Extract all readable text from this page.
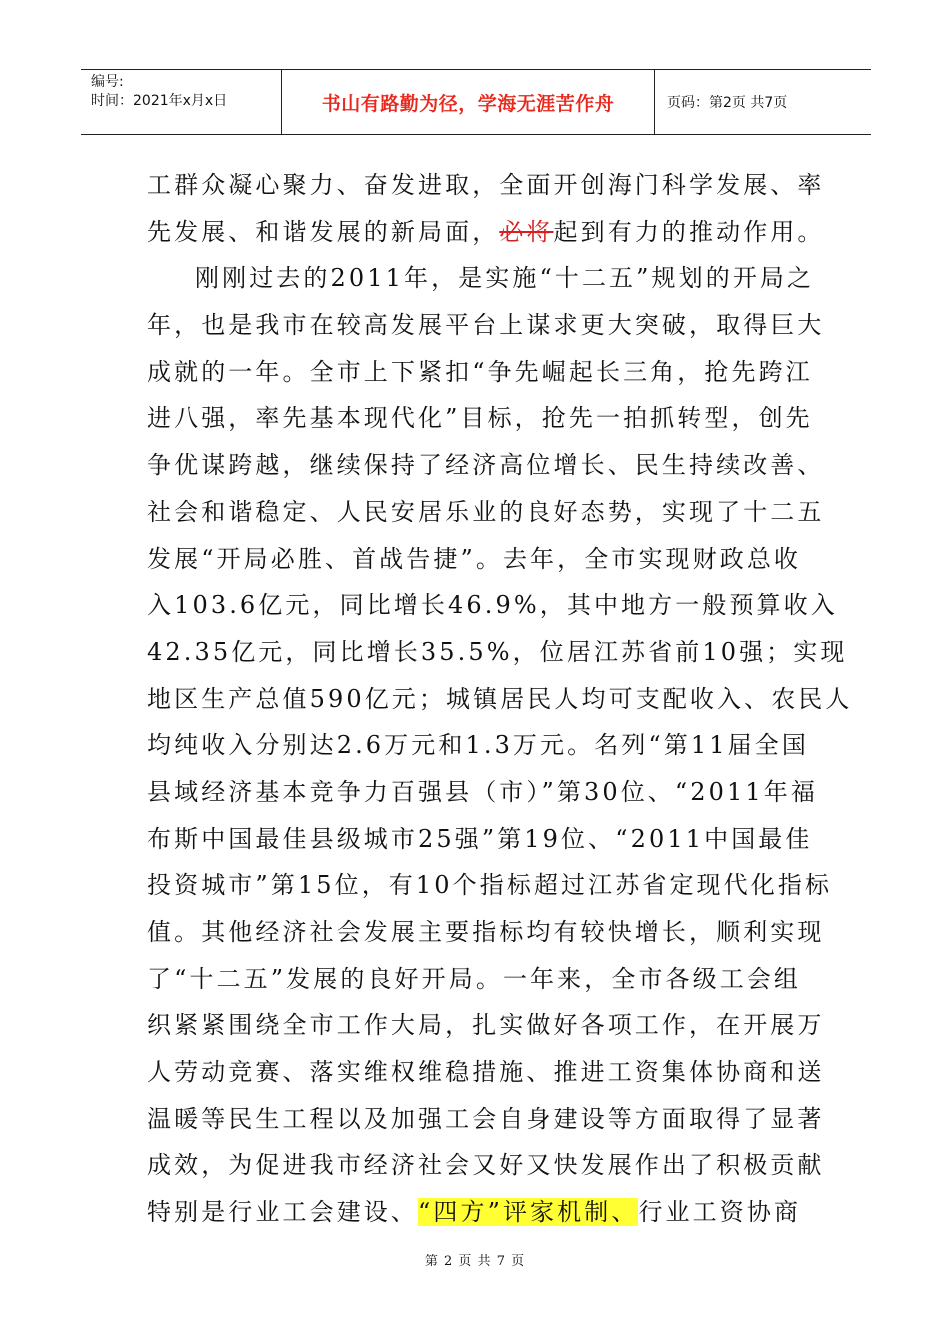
编号:
时间：2021年x月x日	书山有路勤为径，学海无涯苦作舟	页码：第2页 共7页
工群众凝心聚力、奋发进取，全面开创海门科学发展、率
先发展、和谐发展的新局面，必将起到有力的推动作用。
刚刚过去的2011年，是实施“十二五”规划的开局之
年，也是我市在较高发展平台上谋求更大突破，取得巨大
成就的一年。全市上下紧扣“争先崛起长三角，抢先跨江
进八强，率先基本现代化”目标，抢先一拍抓转型，创先
争优谋跨越，继续保持了经济高位增长、民生持续改善、
社会和谐稳定、人民安居乐业的良好态势，实现了十二五
发展“开局必胜、首战告捷”。去年，全市实现财政总收
入103.6亿元，同比增长46.9%，其中地方一般预算收入
42.35亿元，同比增长35.5%，位居江苏省前10强；实现
地区生产总值590亿元；城镇居民人均可支配收入、农民人
均纯收入分别达2.6万元和1.3万元。名列“第11届全国
县域经济基本竞争力百强县（市）”第30位、“2011年福
布斯中国最佳县级城市25强”第19位、“2011中国最佳
投资城市”第15位，有10个指标超过江苏省定现代化指标
值。其他经济社会发展主要指标均有较快增长，顺利实现
了“十二五”发展的良好开局。一年来，全市各级工会组
织紧紧围绕全市工作大局，扎实做好各项工作，在开展万
人劳动竞赛、落实维权维稳措施、推进工资集体协商和送
温暖等民生工程以及加强工会自身建设等方面取得了显著
成效，为促进我市经济社会又好又快发展作出了积极贡献
特别是行业工会建设、“四方”评家机制、行业工资协商
第 2 页 共 7 页
